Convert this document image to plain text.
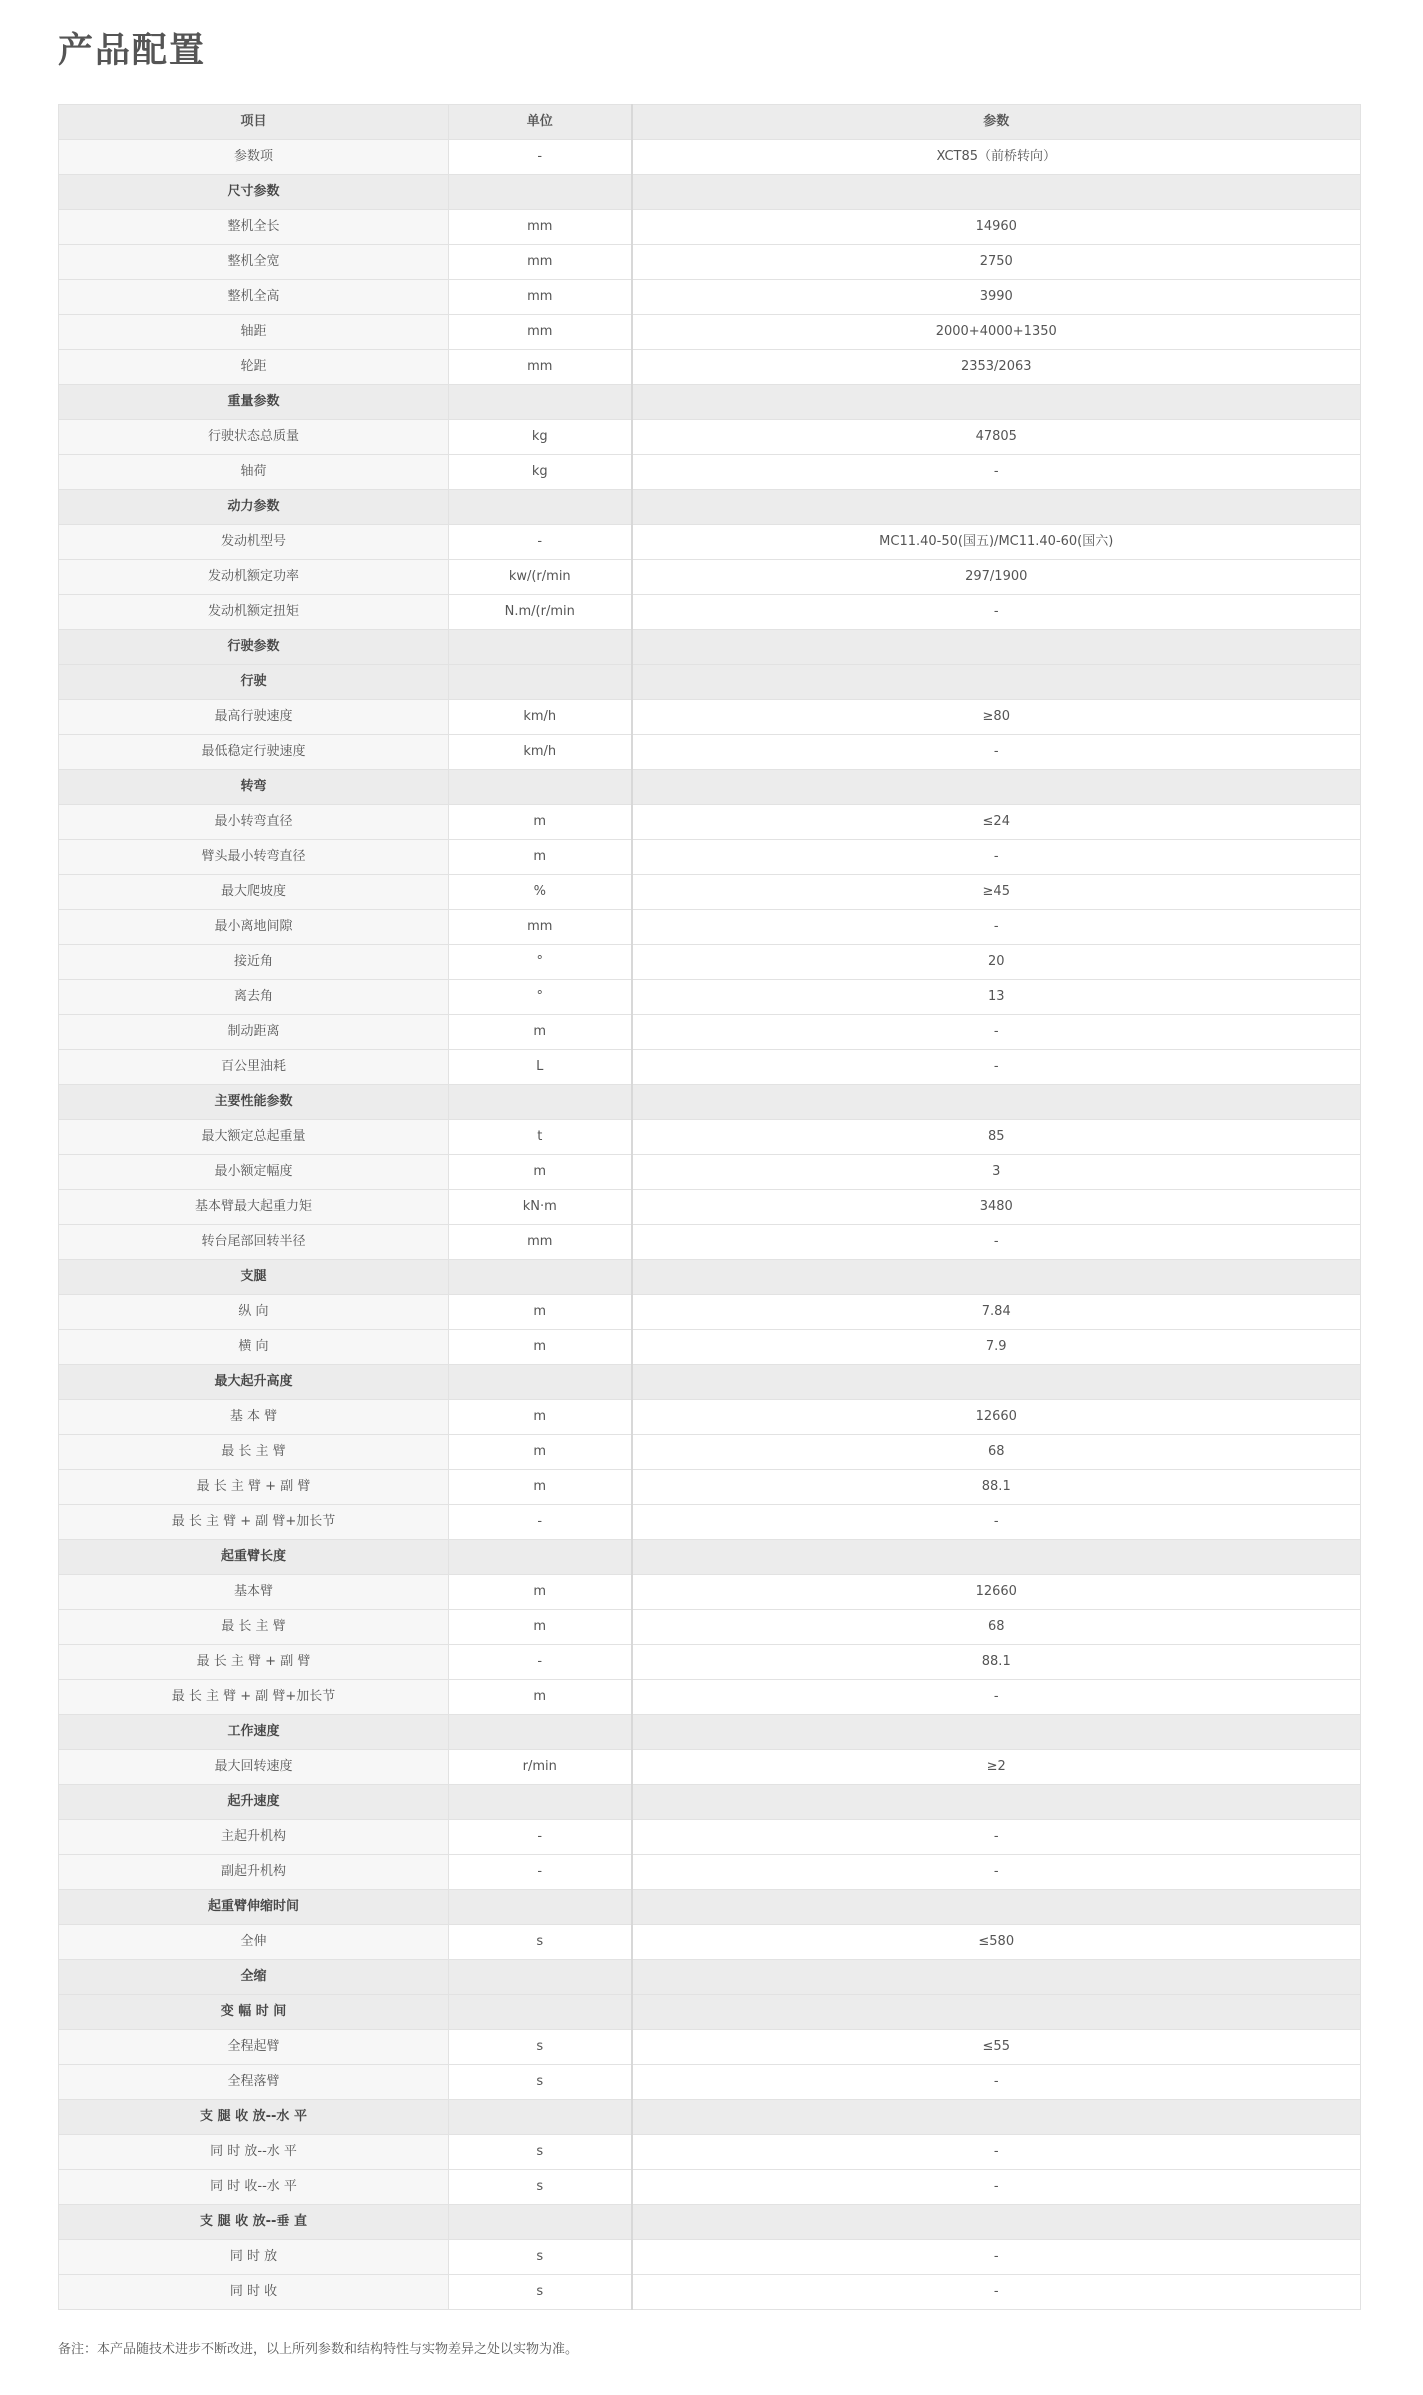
产品配置
项目	单位	参数
参数项	-	XCT85（前桥转向）
尺寸参数		
整机全长	mm	14960
整机全宽	mm	2750
整机全高	mm	3990
轴距	mm	2000+4000+1350
轮距	mm	2353/2063
重量参数		
行驶状态总质量	kg	47805
轴荷	kg	-
动力参数		
发动机型号	-	MC11.40-50(国五)/MC11.40-60(国六)
发动机额定功率	kw/(r/min	297/1900
发动机额定扭矩	N.m/(r/min	-
行驶参数		
行驶		
最高行驶速度	km/h	≥80
最低稳定行驶速度	km/h	-
转弯		
最小转弯直径	m	≤24
臂头最小转弯直径	m	-
最大爬坡度	%	≥45
最小离地间隙	mm	-
接近角	°	20
离去角	°	13
制动距离	m	-
百公里油耗	L	-
主要性能参数		
最大额定总起重量	t	85
最小额定幅度	m	3
基本臂最大起重力矩	kN·m	3480
转台尾部回转半径	mm	-
支腿		
纵 向	m	7.84
横 向	m	7.9
最大起升高度		
基 本 臂	m	12660
最 长 主 臂	m	68
最 长 主 臂 + 副 臂	m	88.1
最 长 主 臂 + 副 臂+加长节	-	-
起重臂长度		
基本臂	m	12660
最 长 主 臂	m	68
最 长 主 臂 + 副 臂	-	88.1
最 长 主 臂 + 副 臂+加长节	m	-
工作速度		
最大回转速度	r/min	≥2
起升速度		
主起升机构	-	-
副起升机构	-	-
起重臂伸缩时间		
全伸	s	≤580
全缩		
变 幅 时 间		
全程起臂	s	≤55
全程落臂	s	-
支 腿 收 放--水 平		
同 时 放--水 平	s	-
同 时 收--水 平	s	-
支 腿 收 放--垂 直		
同 时 放	s	-
同 时 收	s	-
备注：本产品随技术进步不断改进，以上所列参数和结构特性与实物差异之处以实物为准。
